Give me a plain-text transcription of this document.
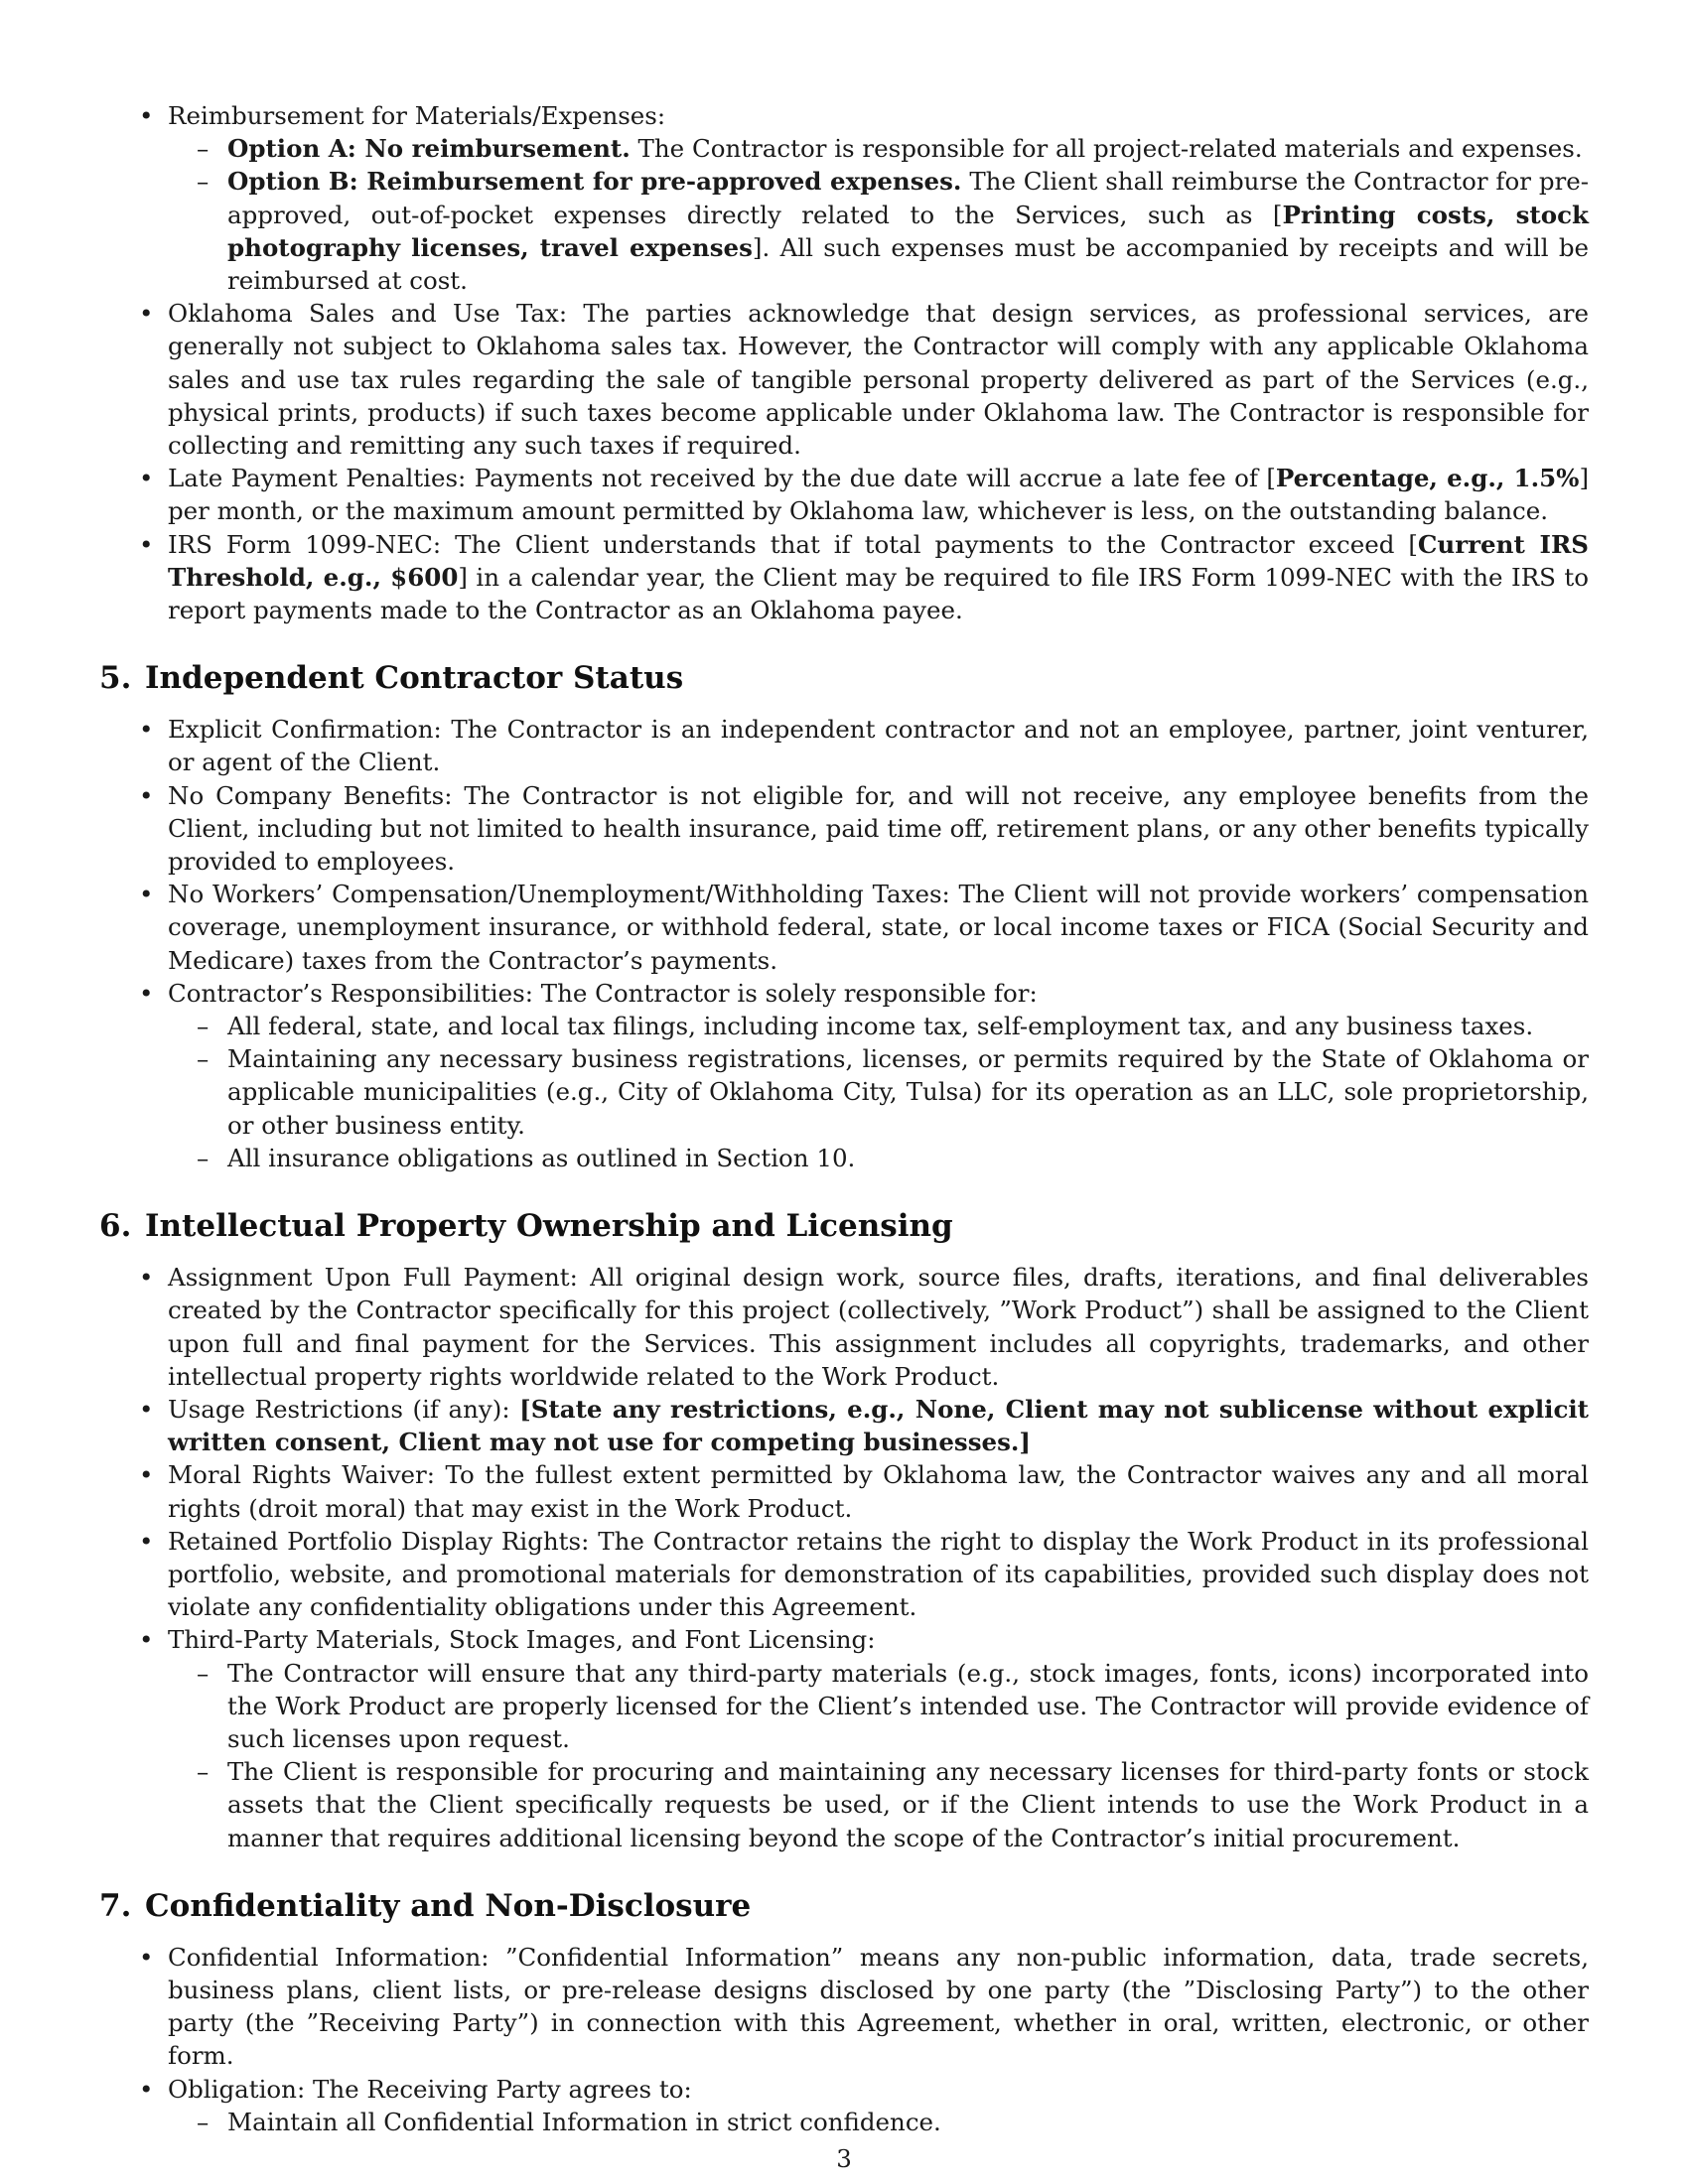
• Reimbursement for Materials/Expenses:
– Option A: No reimbursement. The Contractor is responsible for all project-related materials and expenses.
– Option B: Reimbursement for pre-approved expenses. The Client shall reimburse the Contractor for pre-approved, out-of-pocket expenses directly related to the Services, such as [Printing costs, stock photography licenses, travel expenses]. All such expenses must be accompanied by receipts and will be reimbursed at cost.
• Oklahoma Sales and Use Tax: The parties acknowledge that design services, as professional services, are generally not subject to Oklahoma sales tax. However, the Contractor will comply with any applicable Oklahoma sales and use tax rules regarding the sale of tangible personal property delivered as part of the Services (e.g., physical prints, products) if such taxes become applicable under Oklahoma law. The Contractor is responsible for collecting and remitting any such taxes if required.
• Late Payment Penalties: Payments not received by the due date will accrue a late fee of [Percentage, e.g., 1.5%] per month, or the maximum amount permitted by Oklahoma law, whichever is less, on the outstanding balance.
• IRS Form 1099-NEC: The Client understands that if total payments to the Contractor exceed [Current IRS Threshold, e.g., $600] in a calendar year, the Client may be required to file IRS Form 1099-NEC with the IRS to report payments made to the Contractor as an Oklahoma payee.
5. Independent Contractor Status
• Explicit Confirmation: The Contractor is an independent contractor and not an employee, partner, joint venturer, or agent of the Client.
• No Company Benefits: The Contractor is not eligible for, and will not receive, any employee benefits from the Client, including but not limited to health insurance, paid time off, retirement plans, or any other benefits typically provided to employees.
• No Workers’ Compensation/Unemployment/Withholding Taxes: The Client will not provide workers’ compensation coverage, unemployment insurance, or withhold federal, state, or local income taxes or FICA (Social Security and Medicare) taxes from the Contractor’s payments.
• Contractor’s Responsibilities: The Contractor is solely responsible for:
– All federal, state, and local tax filings, including income tax, self-employment tax, and any business taxes.
– Maintaining any necessary business registrations, licenses, or permits required by the State of Oklahoma or applicable municipalities (e.g., City of Oklahoma City, Tulsa) for its operation as an LLC, sole proprietorship, or other business entity.
– All insurance obligations as outlined in Section 10.
6. Intellectual Property Ownership and Licensing
• Assignment Upon Full Payment: All original design work, source files, drafts, iterations, and final deliverables created by the Contractor specifically for this project (collectively, ”Work Product”) shall be assigned to the Client upon full and final payment for the Services. This assignment includes all copyrights, trademarks, and other intellectual property rights worldwide related to the Work Product.
• Usage Restrictions (if any): [State any restrictions, e.g., None, Client may not sublicense without explicit written consent, Client may not use for competing businesses.]
• Moral Rights Waiver: To the fullest extent permitted by Oklahoma law, the Contractor waives any and all moral rights (droit moral) that may exist in the Work Product.
• Retained Portfolio Display Rights: The Contractor retains the right to display the Work Product in its professional portfolio, website, and promotional materials for demonstration of its capabilities, provided such display does not violate any confidentiality obligations under this Agreement.
• Third-Party Materials, Stock Images, and Font Licensing:
– The Contractor will ensure that any third-party materials (e.g., stock images, fonts, icons) incorporated into the Work Product are properly licensed for the Client’s intended use. The Contractor will provide evidence of such licenses upon request.
– The Client is responsible for procuring and maintaining any necessary licenses for third-party fonts or stock assets that the Client specifically requests be used, or if the Client intends to use the Work Product in a manner that requires additional licensing beyond the scope of the Contractor’s initial procurement.
7. Confidentiality and Non-Disclosure
• Confidential Information: ”Confidential Information” means any non-public information, data, trade secrets, business plans, client lists, or pre-release designs disclosed by one party (the ”Disclosing Party”) to the other party (the ”Receiving Party”) in connection with this Agreement, whether in oral, written, electronic, or other form.
• Obligation: The Receiving Party agrees to:
– Maintain all Confidential Information in strict confidence.
3
